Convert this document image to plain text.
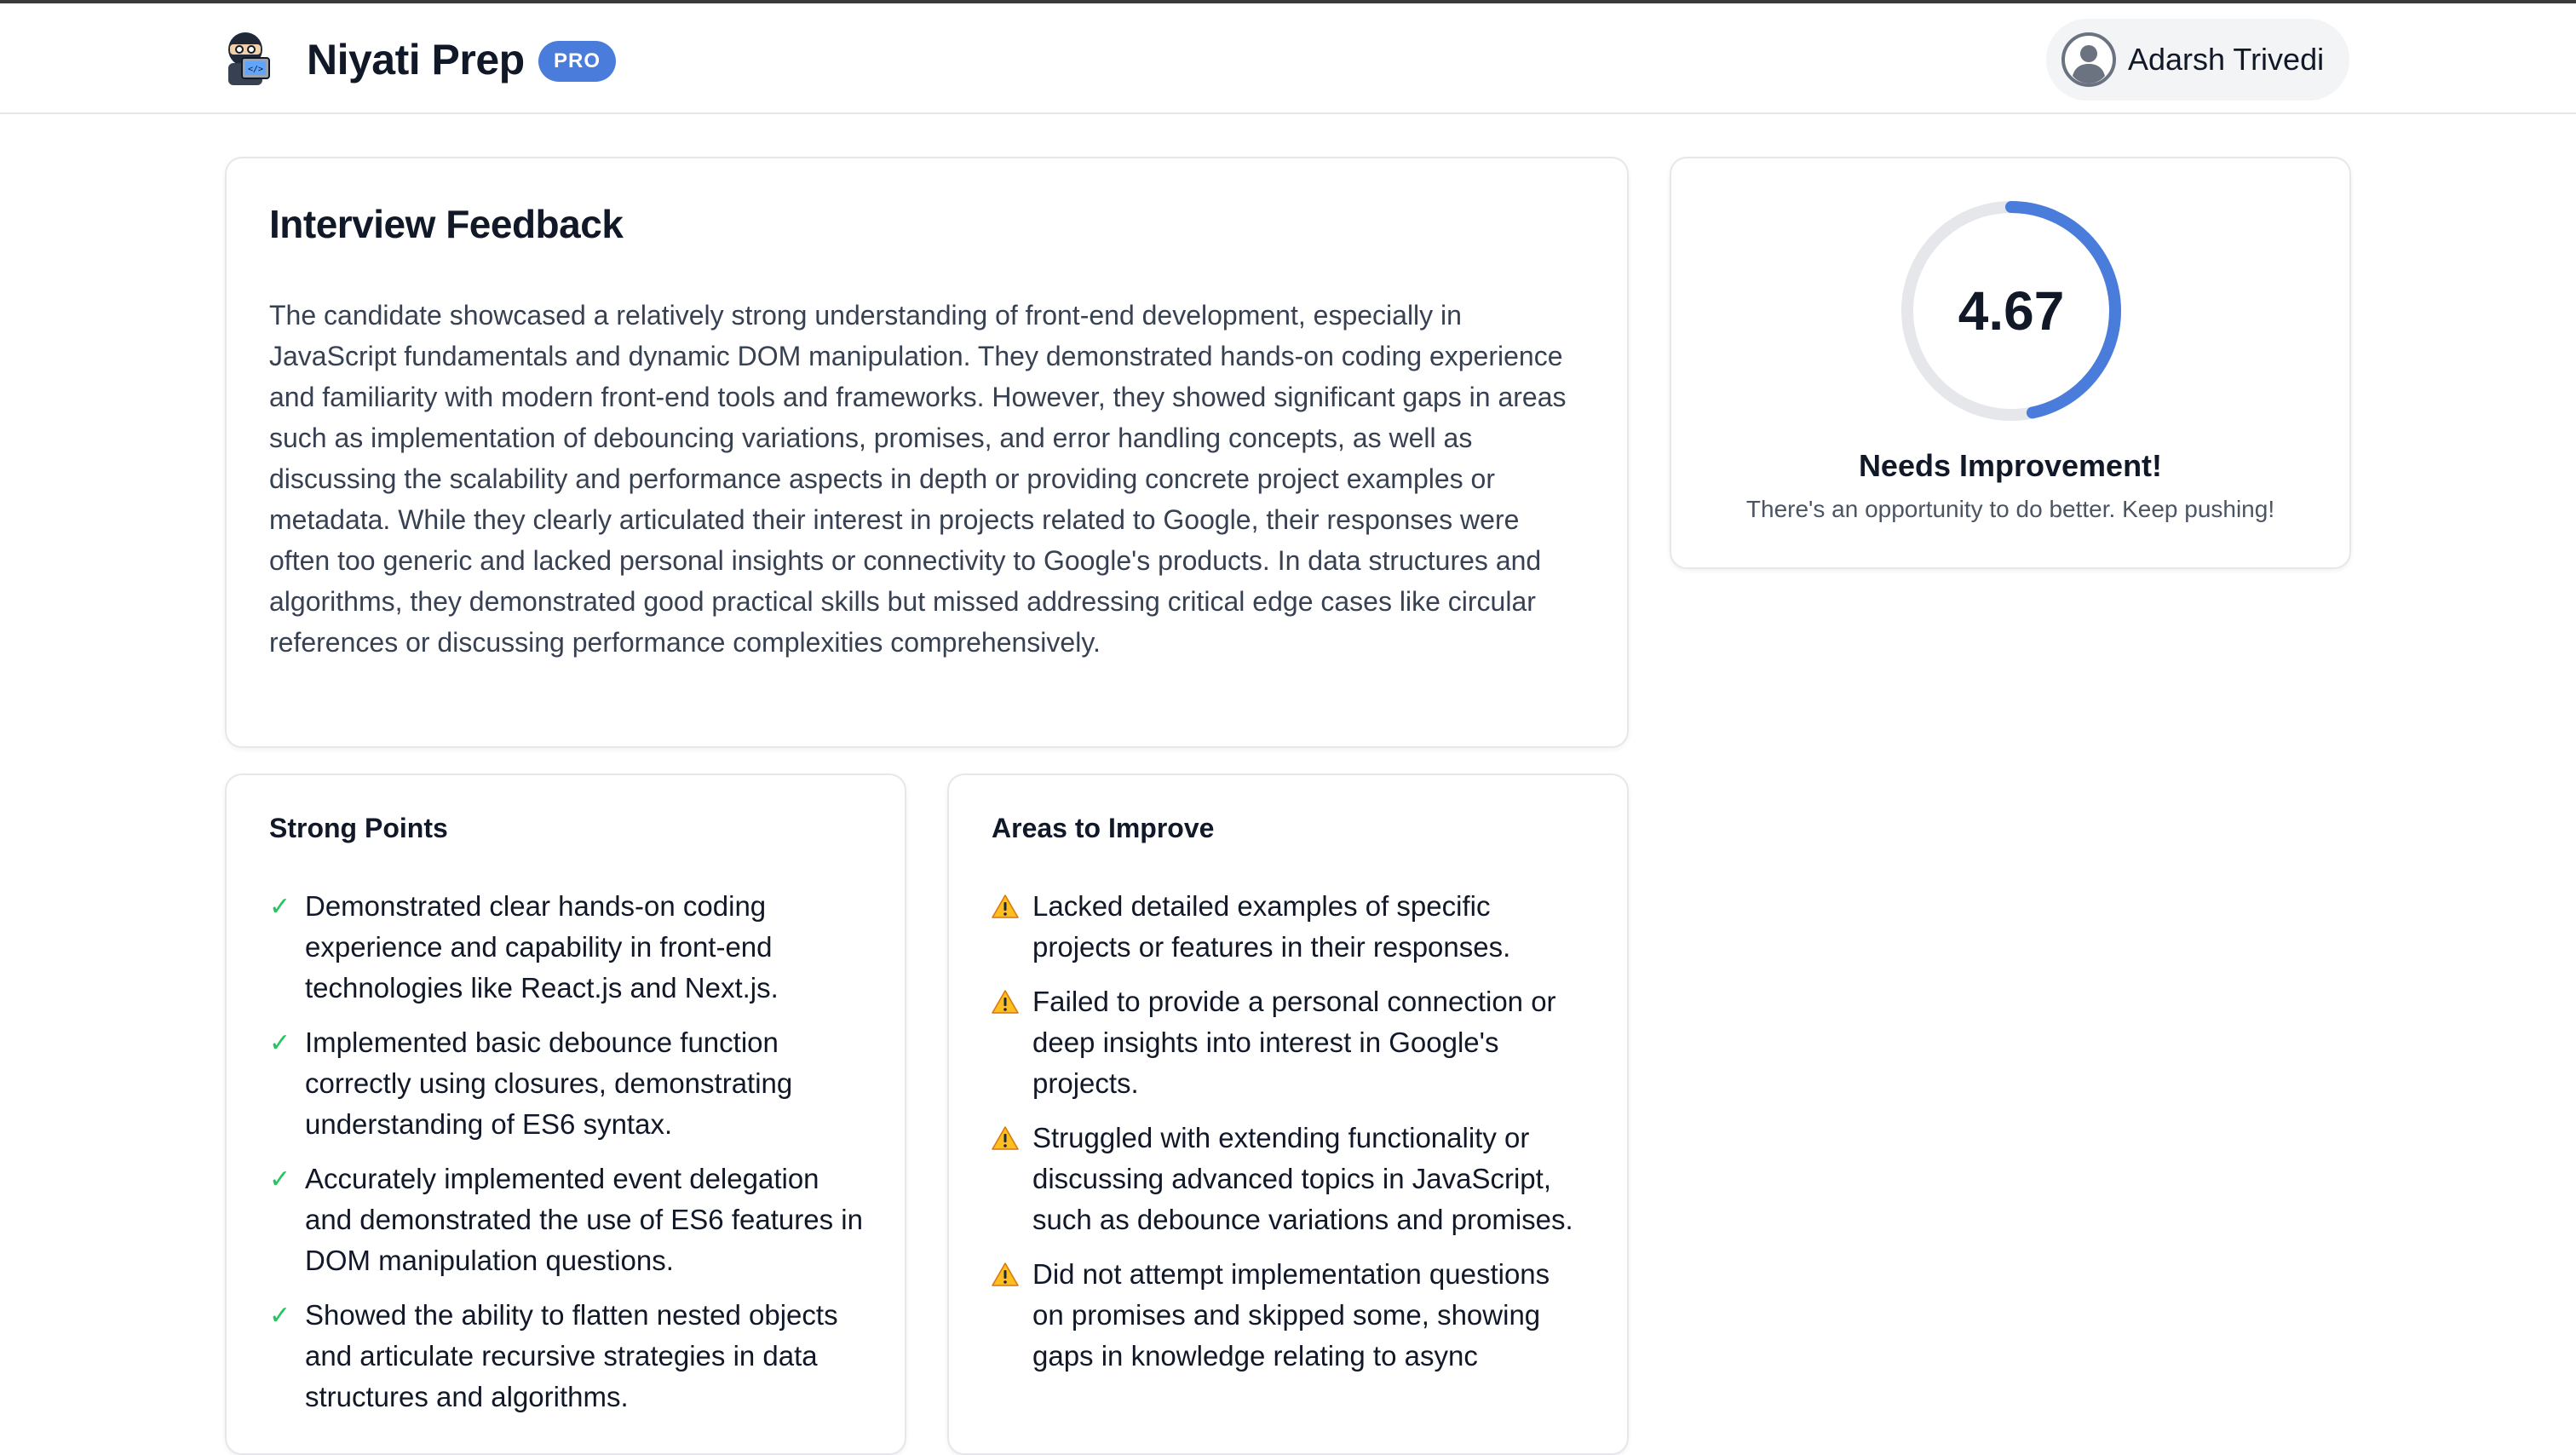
</> Niyati Prep	PRO	Adarsh Trivedi
Interview Feedback

The candidate showcased a relatively strong understanding of front-end development, especially in JavaScript fundamentals and dynamic DOM manipulation. They demonstrated hands-on coding experience and familiarity with modern front-end tools and frameworks. However, they showed significant gaps in areas such as implementation of debouncing variations, promises, and error handling concepts, as well as discussing the scalability and performance aspects in depth or providing concrete project examples or metadata. While they clearly articulated their interest in projects related to Google, their responses were often too generic and lacked personal insights or connectivity to Google's products. In data structures and algorithms, they demonstrated good practical skills but missed addressing critical edge cases like circular references or discussing performance complexities comprehensively.

4.67
Needs Improvement!
There's an opportunity to do better. Keep pushing!
Strong Points
✓ Demonstrated clear hands-on coding experience and capability in front-end technologies like React.js and Next.js.
✓ Implemented basic debounce function correctly using closures, demonstrating understanding of ES6 syntax.
✓ Accurately implemented event delegation and demonstrated the use of ES6 features in DOM manipulation questions.
✓ Showed the ability to flatten nested objects and articulate recursive strategies in data structures and algorithms.
Areas to Improve
Lacked detailed examples of specific projects or features in their responses.
Failed to provide a personal connection or deep insights into interest in Google's projects.
Struggled with extending functionality or discussing advanced topics in JavaScript, such as debounce variations and promises.
Did not attempt implementation questions on promises and skipped some, showing gaps in knowledge relating to async
